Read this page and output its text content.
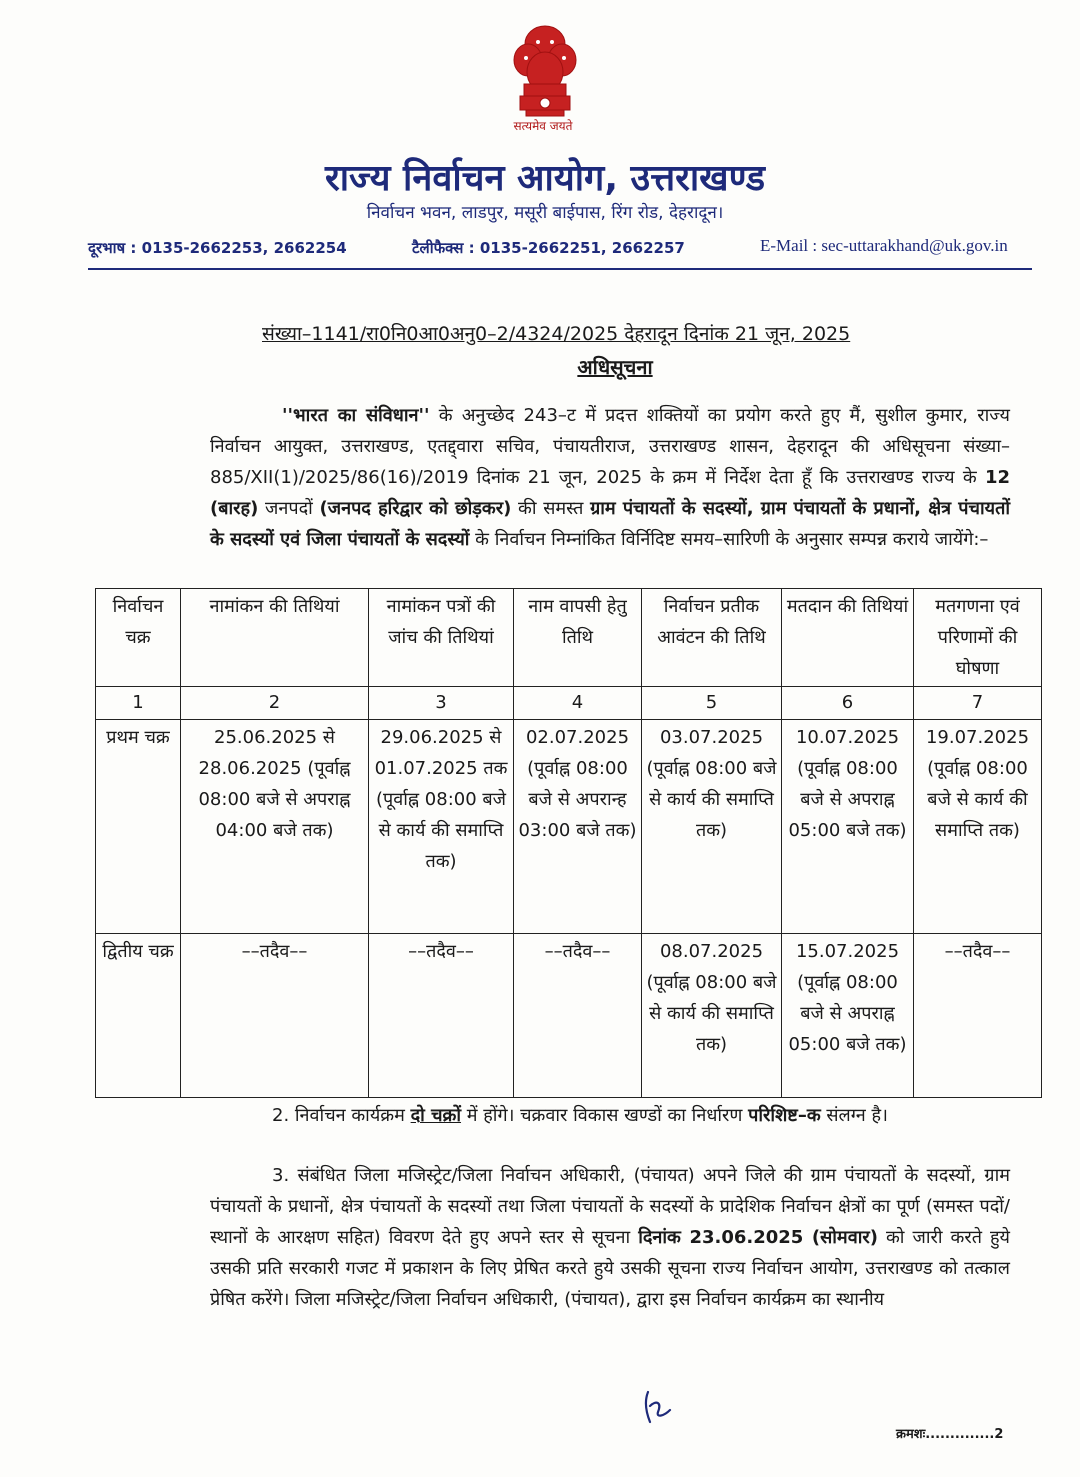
सत्यमेव जयते
राज्य निर्वाचन आयोग, उत्तराखण्ड
निर्वाचन भवन, लाडपुर, मसूरी बाईपास, रिंग रोड, देहरादून।
दूरभाष : 0135-2662253, 2662254	टैलीफैक्स : 0135-2662251, 2662257	E-Mail : sec-uttarakhand@uk.gov.in
संख्या–1141/रा0नि0आ0अनु0–2/4324/2025 देहरादून दिनांक 21 जून, 2025
अधिसूचना
''भारत का संविधान'' के अनुच्छेद 243–ट में प्रदत्त शक्तियों का प्रयोग करते हुए मैं, सुशील कुमार, राज्य निर्वाचन आयुक्त, उत्तराखण्ड, एतद्द्वारा सचिव, पंचायतीराज, उत्तराखण्ड शासन, देहरादून की अधिसूचना संख्या–885/XII(1)/2025/86(16)/2019 दिनांक 21 जून, 2025 के क्रम में निर्देश देता हूँ कि उत्तराखण्ड राज्य के 12 (बारह) जनपदों (जनपद हरिद्वार को छोड़कर) की समस्त ग्राम पंचायतों के सदस्यों, ग्राम पंचायतों के प्रधानों, क्षेत्र पंचायतों के सदस्यों एवं जिला पंचायतों के सदस्यों के निर्वाचन निम्नांकित विर्निदिष्ट समय–सारिणी के अनुसार सम्पन्न कराये जायेंगे:–
निर्वाचन चक्र	नामांकन की तिथियां	नामांकन पत्रों की जांच की तिथियां	नाम वापसी हेतु तिथि	निर्वाचन प्रतीक आवंटन की तिथि	मतदान की तिथियां	मतगणना एवं परिणामों की घोषणा
1	2	3	4	5	6	7
प्रथम चक्र	25.06.2025 से 28.06.2025 (पूर्वाह्न 08:00 बजे से अपराह्न 04:00 बजे तक)	29.06.2025 से 01.07.2025 तक (पूर्वाह्न 08:00 बजे से कार्य की समाप्ति तक)	02.07.2025 (पूर्वाह्न 08:00 बजे से अपरान्ह 03:00 बजे तक)	03.07.2025 (पूर्वाह्न 08:00 बजे से कार्य की समाप्ति तक)	10.07.2025 (पूर्वाह्न 08:00 बजे से अपराह्न 05:00 बजे तक)	19.07.2025 (पूर्वाह्न 08:00 बजे से कार्य की समाप्ति तक)
द्वितीय चक्र	––तदैव––	––तदैव––	––तदैव––	08.07.2025 (पूर्वाह्न 08:00 बजे से कार्य की समाप्ति तक)	15.07.2025 (पूर्वाह्न 08:00 बजे से अपराह्न 05:00 बजे तक)	––तदैव––
2. निर्वाचन कार्यक्रम दो चक्रों में होंगे। चक्रवार विकास खण्डों का निर्धारण परिशिष्ट–क संलग्न है।
3. संबंधित जिला मजिस्ट्रेट/जिला निर्वाचन अधिकारी, (पंचायत) अपने जिले की ग्राम पंचायतों के सदस्यों, ग्राम पंचायतों के प्रधानों, क्षेत्र पंचायतों के सदस्यों तथा जिला पंचायतों के सदस्यों के प्रादेशिक निर्वाचन क्षेत्रों का पूर्ण (समस्त पदों/स्थानों के आरक्षण सहित) विवरण देते हुए अपने स्तर से सूचना दिनांक 23.06.2025 (सोमवार) को जारी करते हुये उसकी प्रति सरकारी गजट में प्रकाशन के लिए प्रेषित करते हुये उसकी सूचना राज्य निर्वाचन आयोग, उत्तराखण्ड को तत्काल प्रेषित करेंगे। जिला मजिस्ट्रेट/जिला निर्वाचन अधिकारी, (पंचायत), द्वारा इस निर्वाचन कार्यक्रम का स्थानीय
क्रमशः..............2
